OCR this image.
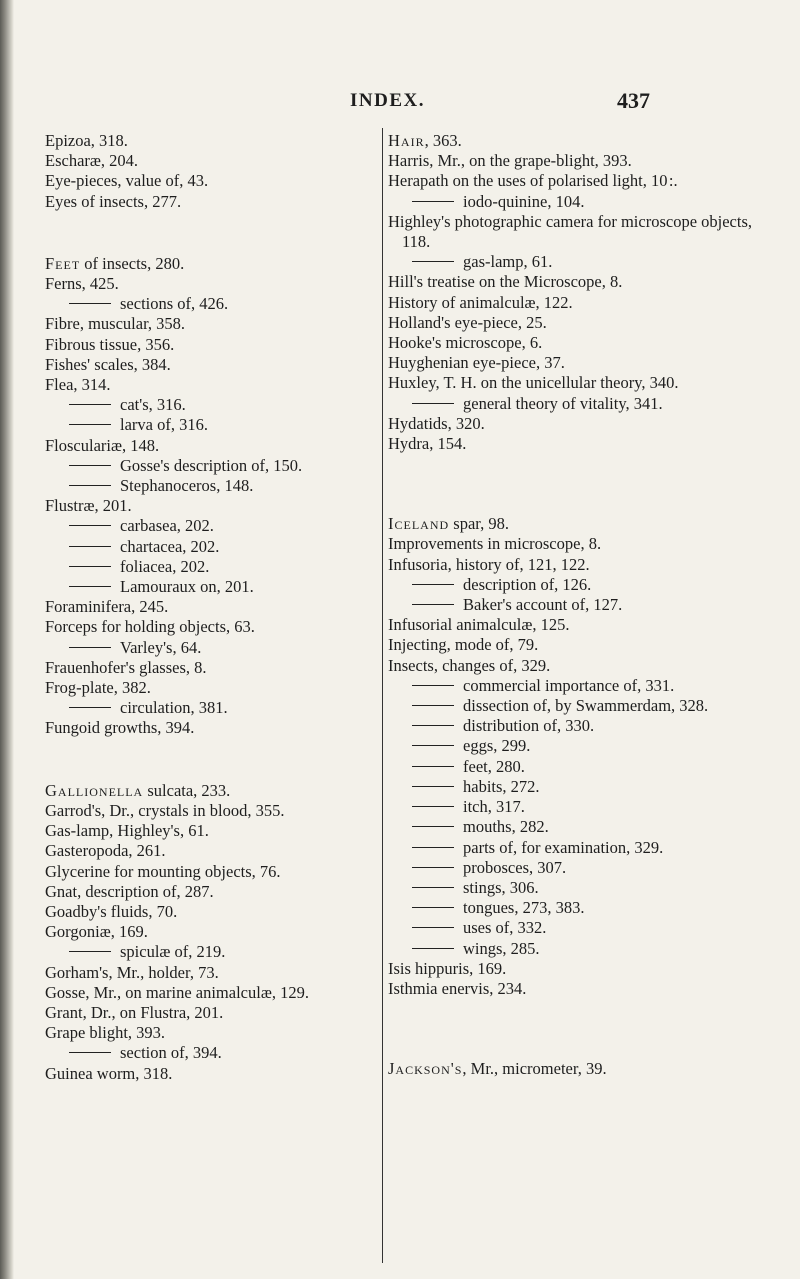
INDEX.	437

Epizoa, 318.

Escharæ, 204.

Eye-pieces, value of, 43.

Eyes of insects, 277.

Feet of insects, 280.

Ferns, 425.

sections of, 426.

Fibre, muscular, 358.

Fibrous tissue, 356.

Fishes' scales, 384.

Flea, 314.

cat's, 316.

larva of, 316.

Flosculariæ, 148.

Gosse's description of, 150.

Stephanoceros, 148.

Flustræ, 201.

carbasea, 202.

chartacea, 202.

foliacea, 202.

Lamouraux on, 201.

Foraminifera, 245.

Forceps for holding objects, 63.

Varley's, 64.

Frauenhofer's glasses, 8.

Frog-plate, 382.

circulation, 381.

Fungoid growths, 394.

Gallionella sulcata, 233.

Garrod's, Dr., crystals in blood, 355.

Gas-lamp, Highley's, 61.

Gasteropoda, 261.

Glycerine for mounting objects, 76.

Gnat, description of, 287.

Goadby's fluids, 70.

Gorgoniæ, 169.

spiculæ of, 219.

Gorham's, Mr., holder, 73.

Gosse, Mr., on marine animalculæ, 129.

Grant, Dr., on Flustra, 201.

Grape blight, 393.

section of, 394.

Guinea worm, 318.

Hair, 363.

Harris, Mr., on the grape-blight, 393.

Herapath on the uses of polarised light, 10 :.

iodo-quinine, 104.

Highley's photographic camera for microscope objects, 118.

gas-lamp, 61.

Hill's treatise on the Microscope, 8.

History of animalculæ, 122.

Holland's eye-piece, 25.

Hooke's microscope, 6.

Huyghenian eye-piece, 37.

Huxley, T. H. on the unicellular theory, 340.

general theory of vitality, 341.

Hydatids, 320.

Hydra, 154.

Iceland spar, 98.

Improvements in microscope, 8.

Infusoria, history of, 121, 122.

description of, 126.

Baker's account of, 127.

Infusorial animalculæ, 125.

Injecting, mode of, 79.

Insects, changes of, 329.

commercial importance of, 331.

dissection of, by Swammerdam, 328.

distribution of, 330.

eggs, 299.

feet, 280.

habits, 272.

itch, 317.

mouths, 282.

parts of, for examination, 329.

probosces, 307.

stings, 306.

tongues, 273, 383.

uses of, 332.

wings, 285.

Isis hippuris, 169.

Isthmia enervis, 234.

Jackson's, Mr., micrometer, 39.
